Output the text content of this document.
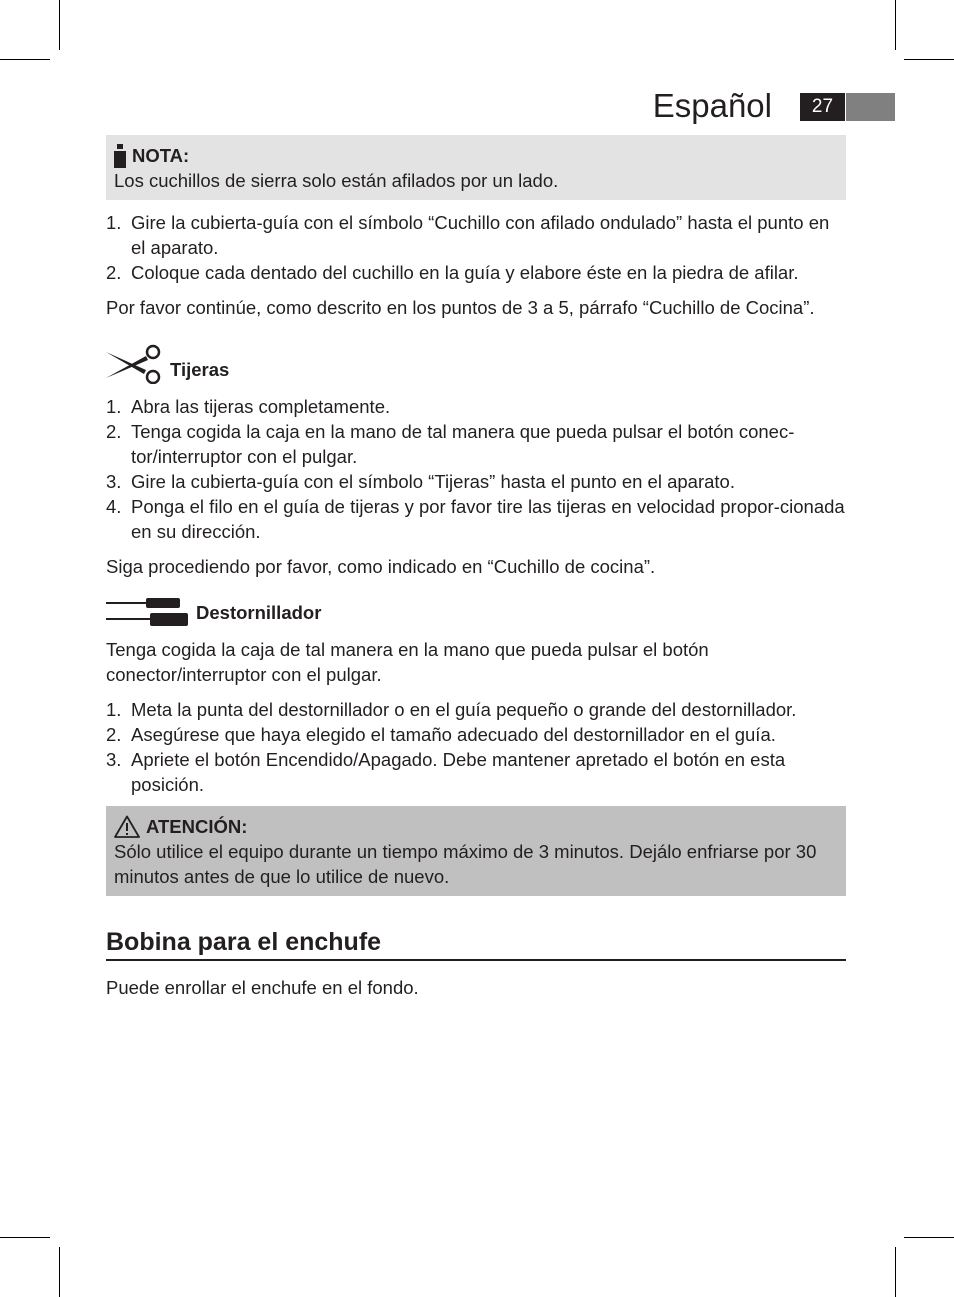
Español	27
NOTA:

Los cuchillos de sierra solo están afilados por un lado.

1. Gire la cubierta-guía con el símbolo “Cuchillo con afilado ondulado” hasta el punto en el aparato.
2. Coloque cada dentado del cuchillo en la guía y elabore éste en la piedra de afilar.

Por favor continúe, como descrito en los puntos de 3 a 5, párrafo “Cuchillo de Cocina”.

Tijeras
1. Abra las tijeras completamente.
2. Tenga cogida la caja en la mano de tal manera que pueda pulsar el botón conec-tor/interruptor con el pulgar.
3. Gire la cubierta-guía con el símbolo “Tijeras” hasta el punto en el aparato.
4. Ponga el filo en el guía de tijeras y por favor tire las tijeras en velocidad propor-cionada en su dirección.

Siga procediendo por favor, como indicado en “Cuchillo de cocina”.

Destornillador

Tenga cogida la caja de tal manera en la mano que pueda pulsar el botón conector/interruptor con el pulgar.

1. Meta la punta del destornillador o en el guía pequeño o grande del destornillador.
2. Asegúrese que haya elegido el tamaño adecuado del destornillador en el guía.
3. Apriete el botón Encendido/Apagado. Debe mantener apretado el botón en esta posición.
ATENCIÓN:

Sólo utilice el equipo durante un tiempo máximo de 3 minutos. Dejálo enfriarse por 30 minutos antes de que lo utilice de nuevo.

Bobina para el enchufe

Puede enrollar el enchufe en el fondo.
